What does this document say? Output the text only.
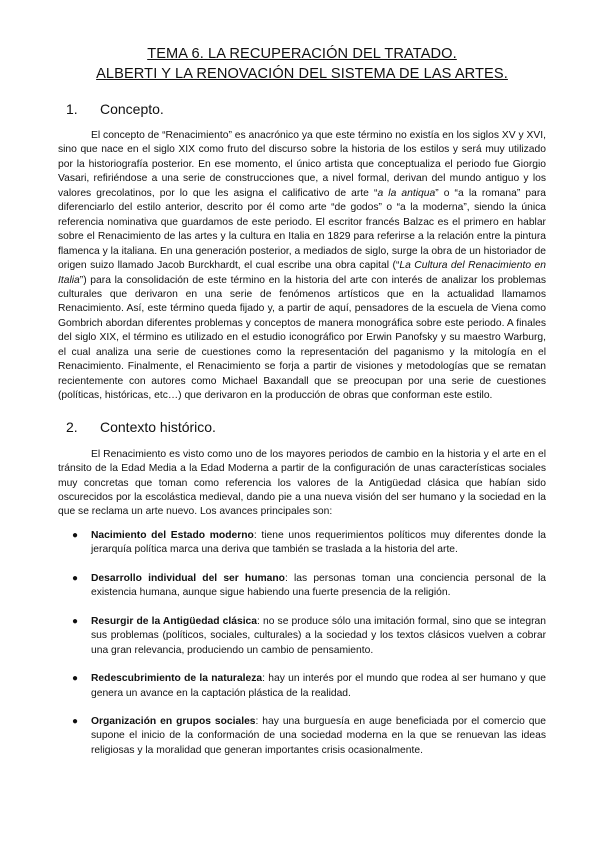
TEMA 6. LA RECUPERACIÓN DEL TRATADO.
ALBERTI Y LA RENOVACIÓN DEL SISTEMA DE LAS ARTES.
1.	Concepto.

El concepto de “Renacimiento” es anacrónico ya que este término no existía en los siglos XV y XVI, sino que nace en el siglo XIX como fruto del discurso sobre la historia de los estilos y será muy utilizado por la historiografía posterior. En ese momento, el único artista que conceptualiza el periodo fue Giorgio Vasari, refiriéndose a una serie de construcciones que, a nivel formal, derivan del mundo antiguo y los valores grecolatinos, por lo que les asigna el calificativo de arte “a la antiqua” o “a la romana” para diferenciarlo del estilo anterior, descrito por él como arte “de godos” o “a la moderna”, siendo la única referencia nominativa que guardamos de este periodo. El escritor francés Balzac es el primero en hablar sobre el Renacimiento de las artes y la cultura en Italia en 1829 para referirse a la relación entre la pintura flamenca y la italiana. En una generación posterior, a mediados de siglo, surge la obra de un historiador de origen suizo llamado Jacob Burckhardt, el cual escribe una obra capital (“La Cultura del Renacimiento en Italia”) para la consolidación de este término en la historia del arte con interés de analizar los problemas culturales que derivaron en una serie de fenómenos artísticos que en la actualidad llamamos Renacimiento. Así, este término queda fijado y, a partir de aquí, pensadores de la escuela de Viena como Gombrich abordan diferentes problemas y conceptos de manera monográfica sobre este periodo. A finales del siglo XIX, el término es utilizado en el estudio iconográfico por Erwin Panofsky y su maestro Warburg, el cual analiza una serie de cuestiones como la representación del paganismo y la mitología en el Renacimiento. Finalmente, el Renacimiento se forja a partir de visiones y metodologías que se rematan recientemente con autores como Michael Baxandall que se preocupan por una serie de cuestiones (políticas, históricas, etc…) que derivaron en la producción de obras que conforman este estilo.

2.	Contexto histórico.

El Renacimiento es visto como uno de los mayores periodos de cambio en la historia y el arte en el tránsito de la Edad Media a la Edad Moderna a partir de la configuración de unas características sociales muy concretas que toman como referencia los valores de la Antigüedad clásica que habían sido oscurecidos por la escolástica medieval, dando pie a una nueva visión del ser humano y la sociedad en la que se reclama un arte nuevo. Los avances principales son:

● Nacimiento del Estado moderno: tiene unos requerimientos políticos muy diferentes donde la jerarquía política marca una deriva que también se traslada a la historia del arte.
● Desarrollo individual del ser humano: las personas toman una conciencia personal de la existencia humana, aunque sigue habiendo una fuerte presencia de la religión.
● Resurgir de la Antigüedad clásica: no se produce sólo una imitación formal, sino que se integran sus problemas (políticos, sociales, culturales) a la sociedad y los textos clásicos vuelven a cobrar una gran relevancia, produciendo un cambio de pensamiento.
● Redescubrimiento de la naturaleza: hay un interés por el mundo que rodea al ser humano y que genera un avance en la captación plástica de la realidad.
● Organización en grupos sociales: hay una burguesía en auge beneficiada por el comercio que supone el inicio de la conformación de una sociedad moderna en la que se renuevan las ideas religiosas y la moralidad que generan importantes crisis ocasionalmente.
